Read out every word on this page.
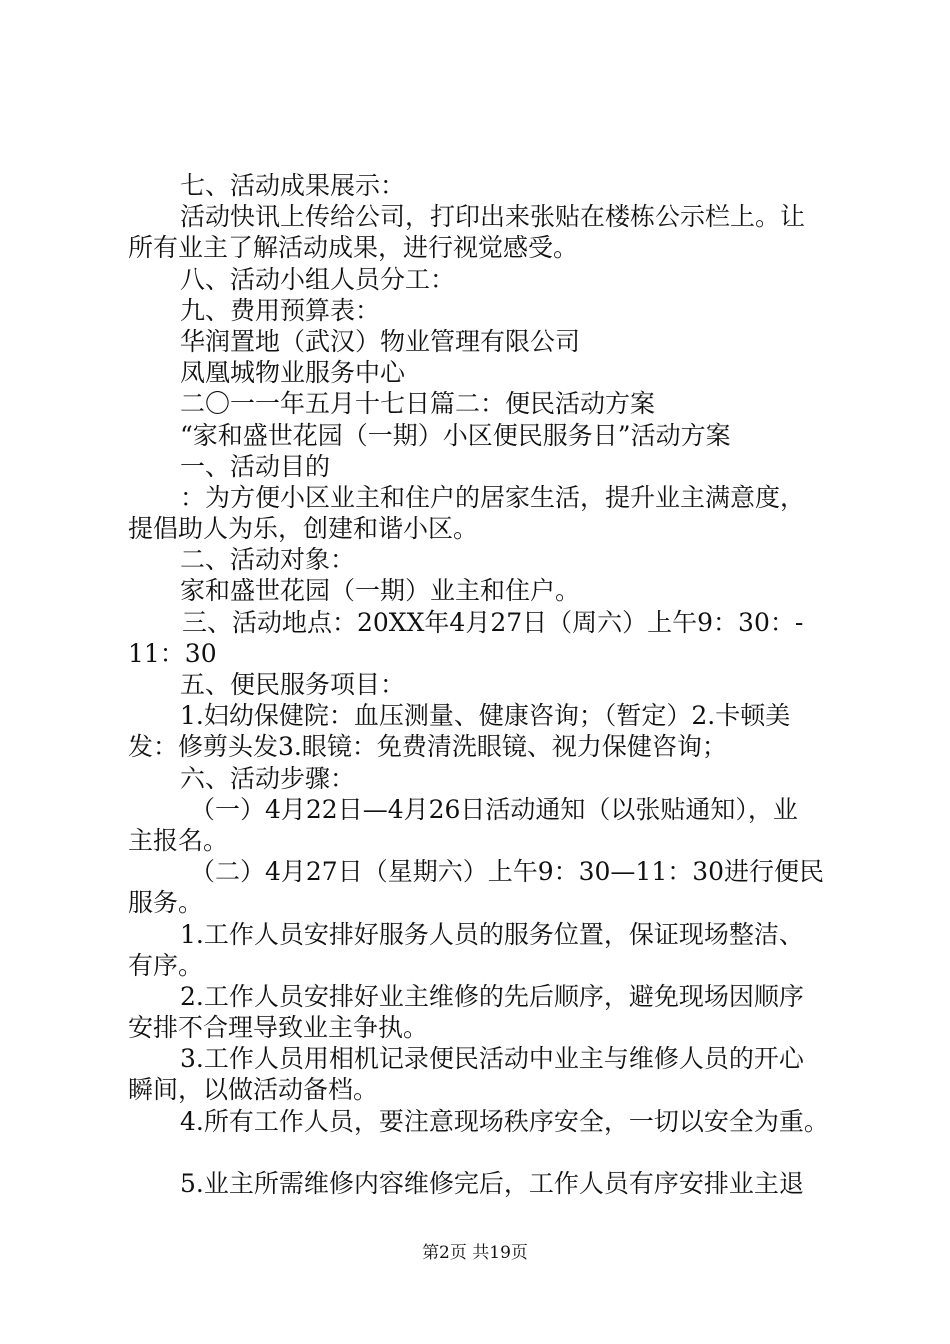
七、活动成果展示：
活动快讯上传给公司，打印出来张贴在楼栋公示栏上。让
所有业主了解活动成果，进行视觉感受。
八、活动小组人员分工：
九、费用预算表：
华润置地（武汉）物业管理有限公司
凤凰城物业服务中心
二〇一一年五月十七日篇二：便民活动方案
“家和盛世花园（一期）小区便民服务日”活动方案
一、活动目的
：为方便小区业主和住户的居家生活，提升业主满意度，
提倡助人为乐，创建和谐小区。
二、活动对象：
家和盛世花园（一期）业主和住户。
三、活动地点：20XX年4月27日（周六）上午9：30：-
11：30
五、便民服务项目：
1.妇幼保健院：血压测量、健康咨询；（暂定）2.卡顿美
发：修剪头发3.眼镜：免费清洗眼镜、视力保健咨询；
六、活动步骤：
（一）4月22日—4月26日活动通知（以张贴通知），业
主报名。
（二）4月27日（星期六）上午9：30—11：30进行便民
服务。
1.工作人员安排好服务人员的服务位置，保证现场整洁、
有序。
2.工作人员安排好业主维修的先后顺序，避免现场因顺序
安排不合理导致业主争执。
3.工作人员用相机记录便民活动中业主与维修人员的开心
瞬间，以做活动备档。
4.所有工作人员，要注意现场秩序安全，一切以安全为重。
5.业主所需维修内容维修完后，工作人员有序安排业主退
第2页 共19页
